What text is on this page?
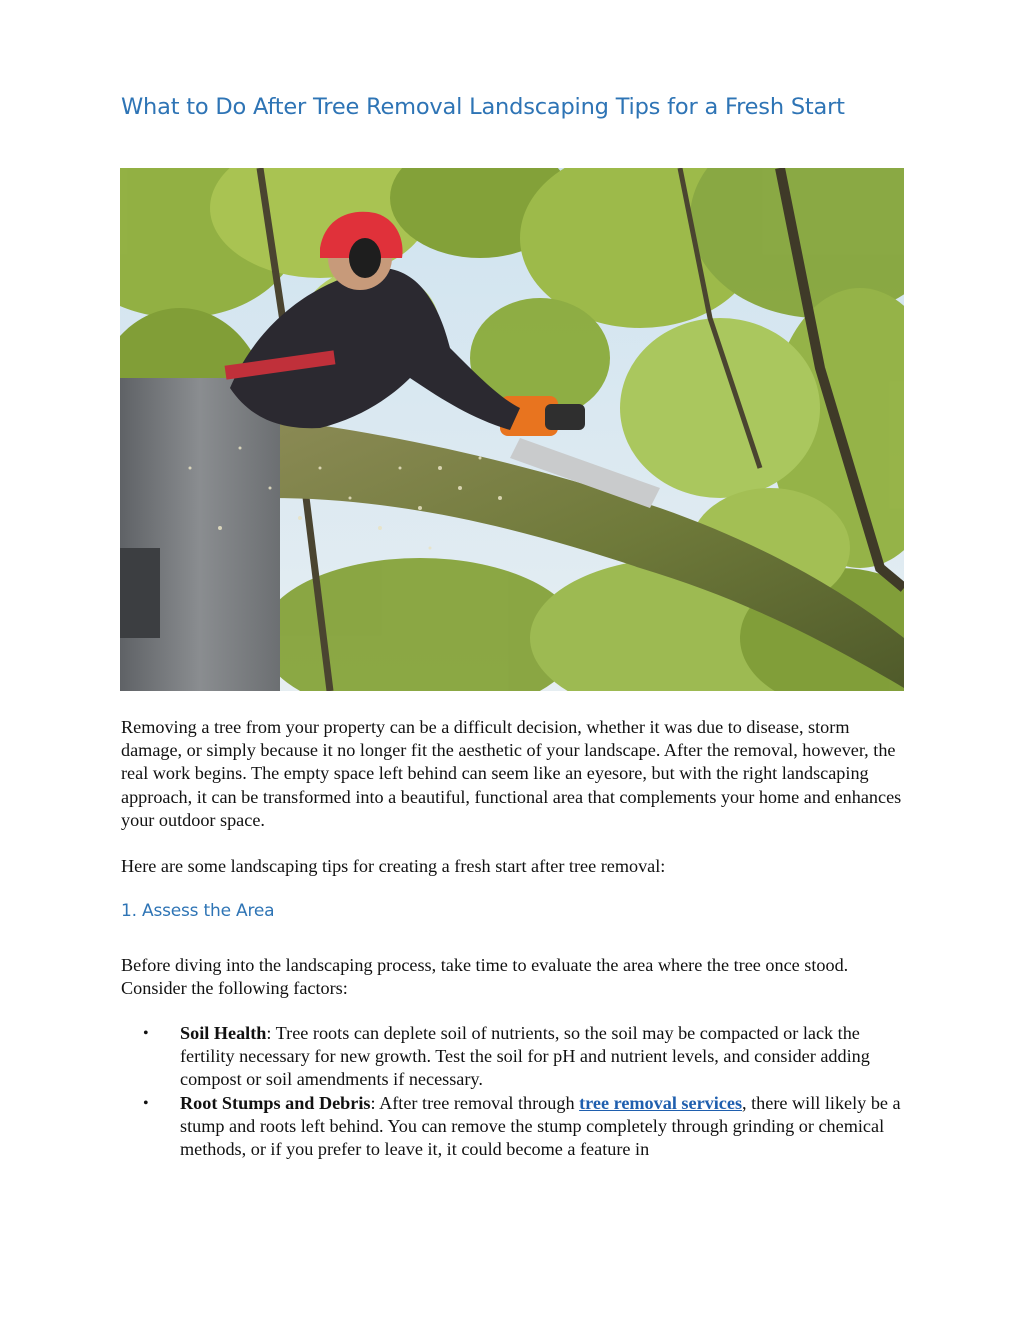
What to Do After Tree Removal Landscaping Tips for a Fresh Start

Removing a tree from your property can be a difficult decision, whether it was due to disease, storm damage, or simply because it no longer fit the aesthetic of your landscape. After the removal, however, the real work begins. The empty space left behind can seem like an eyesore, but with the right landscaping approach, it can be transformed into a beautiful, functional area that complements your home and enhances your outdoor space.

Here are some landscaping tips for creating a fresh start after tree removal:

1. Assess the Area

Before diving into the landscaping process, take time to evaluate the area where the tree once stood. Consider the following factors:

• Soil Health: Tree roots can deplete soil of nutrients, so the soil may be compacted or lack the fertility necessary for new growth. Test the soil for pH and nutrient levels, and consider adding compost or soil amendments if necessary.
• Root Stumps and Debris: After tree removal through tree removal services, there will likely be a stump and roots left behind. You can remove the stump completely through grinding or chemical methods, or if you prefer to leave it, it could become a feature in
